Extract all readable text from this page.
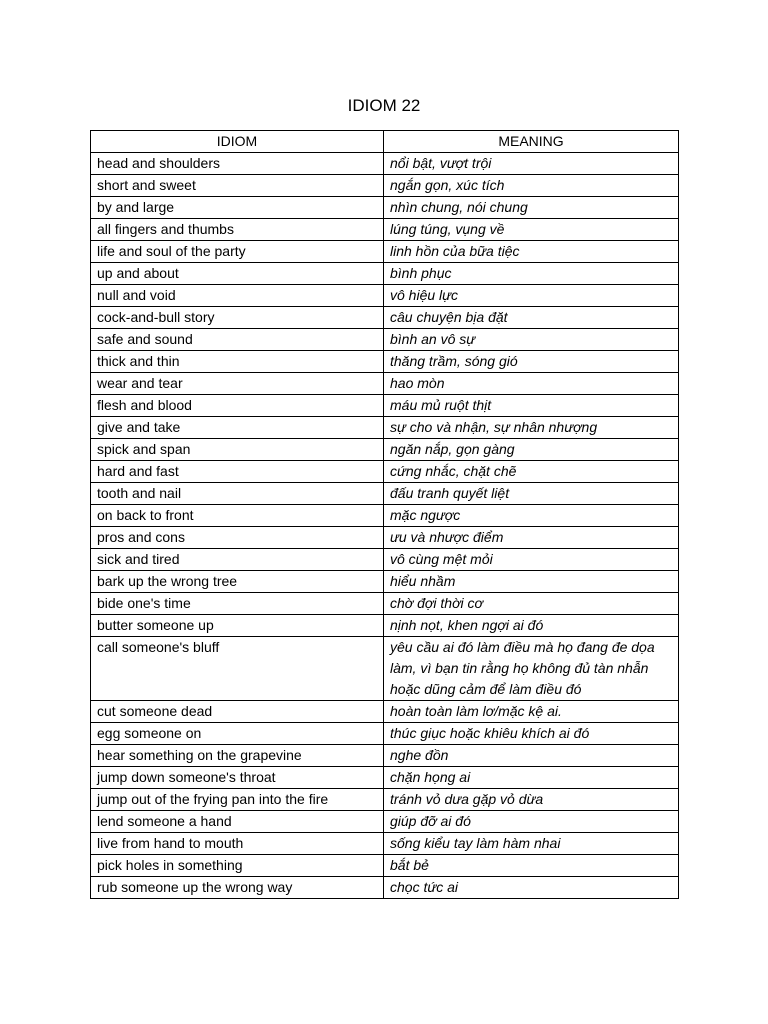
IDIOM 22
IDIOM	MEANING
head and shoulders	nổi bật, vượt trội
short and sweet	ngắn gọn, xúc tích
by and large	nhìn chung, nói chung
all fingers and thumbs	lúng túng, vụng về
life and soul of the party	linh hồn của bữa tiệc
up and about	bình phục
null and void	vô hiệu lực
cock-and-bull story	câu chuyện bịa đặt
safe and sound	bình an vô sự
thick and thin	thăng trầm, sóng gió
wear and tear	hao mòn
flesh and blood	máu mủ ruột thịt
give and take	sự cho và nhận, sự nhân nhượng
spick and span	ngăn nắp, gọn gàng
hard and fast	cứng nhắc, chặt chẽ
tooth and nail	đấu tranh quyết liệt
on back to front	mặc ngược
pros and cons	ưu và nhược điểm
sick and tired	vô cùng mệt mỏi
bark up the wrong tree	hiểu nhầm
bide one's time	chờ đợi thời cơ
butter someone up	nịnh nọt, khen ngợi ai đó
call someone's bluff	yêu cầu ai đó làm điều mà họ đang đe dọa làm, vì bạn tin rằng họ không đủ tàn nhẫn hoặc dũng cảm để làm điều đó
cut someone dead	hoàn toàn làm lơ/mặc kệ ai.
egg someone on	thúc giục hoặc khiêu khích ai đó
hear something on the grapevine	nghe đồn
jump down someone's throat	chặn họng ai
jump out of the frying pan into the fire	tránh vỏ dưa gặp vỏ dừa
lend someone a hand	giúp đỡ ai đó
live from hand to mouth	sống kiểu tay làm hàm nhai
pick holes in something	bắt bẻ
rub someone up the wrong way	chọc tức ai
